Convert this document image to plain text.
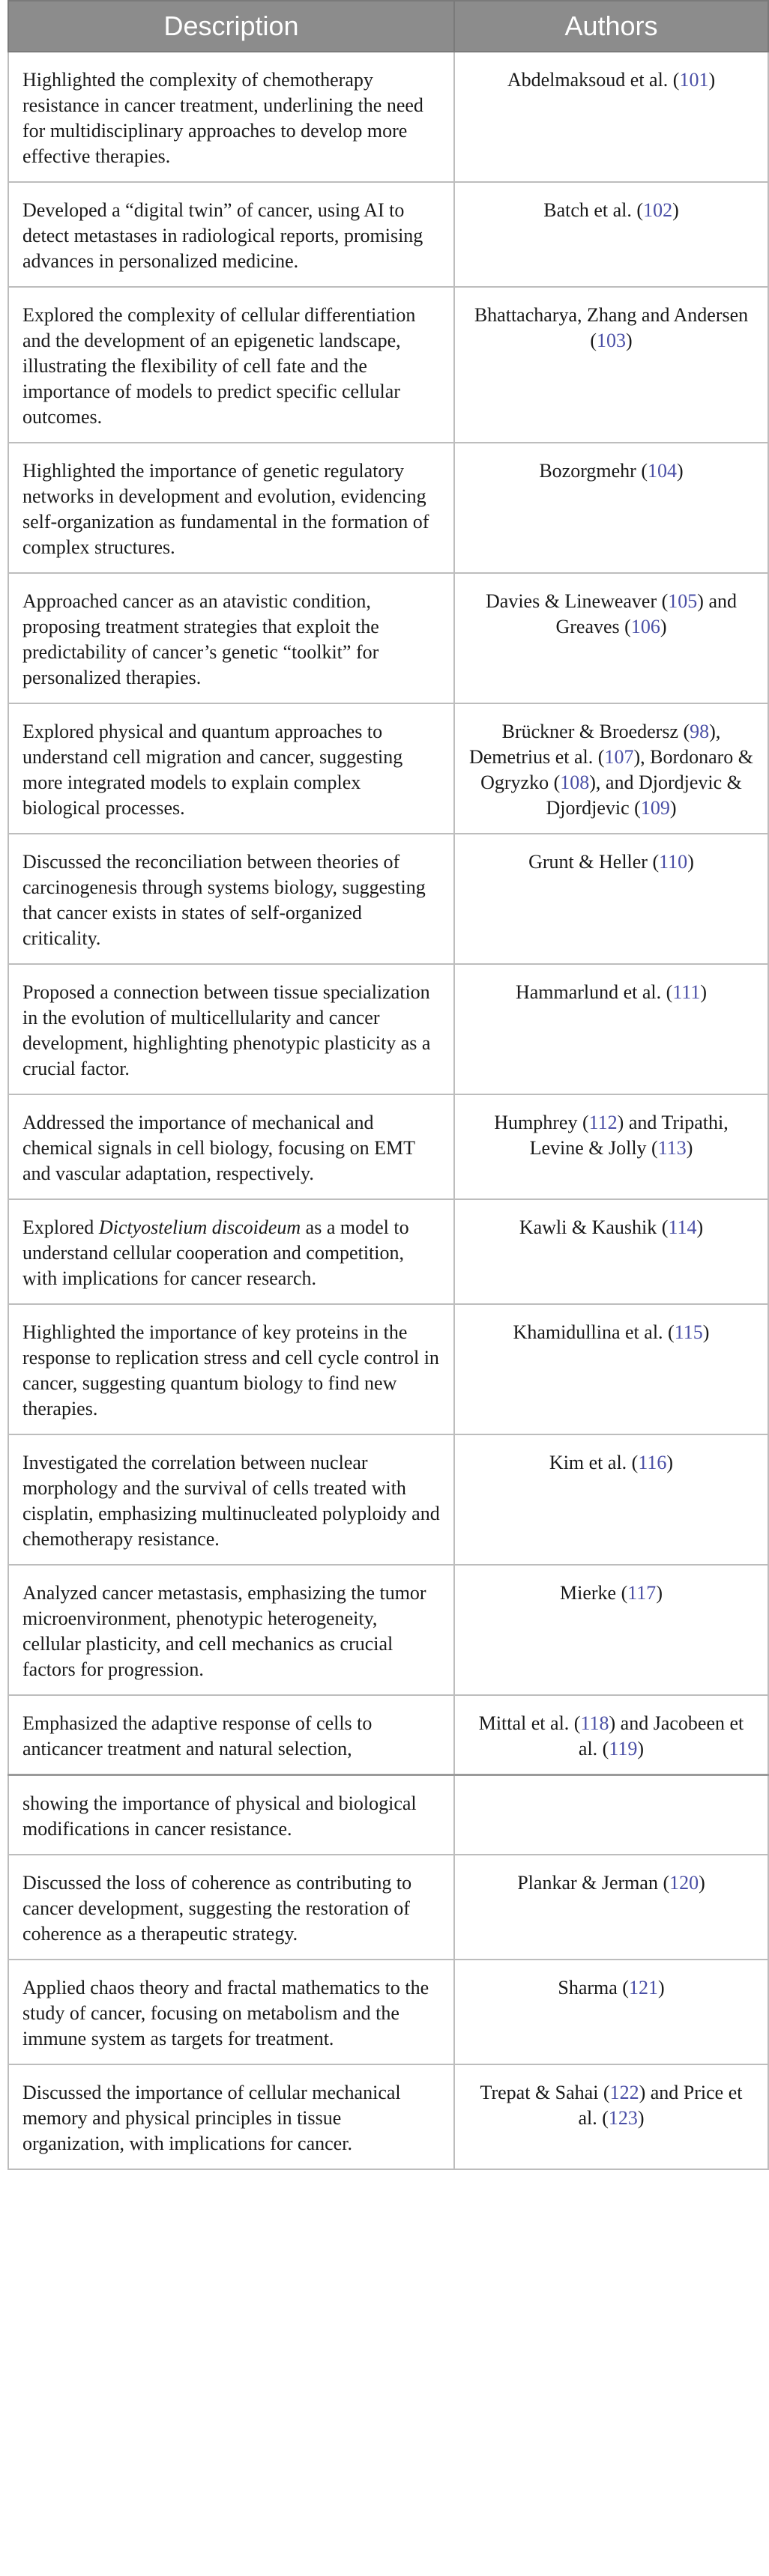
Description	Authors
Highlighted the complexity of chemotherapy resistance in cancer treatment, underlining the need for multidisciplinary approaches to develop more effective therapies.	Abdelmaksoud et al. (101)
Developed a “digital twin” of cancer, using AI to detect metastases in radiological reports, promising advances in personalized medicine.	Batch et al. (102)
Explored the complexity of cellular differentiation and the development of an epigenetic landscape, illustrating the flexibility of cell fate and the importance of models to predict specific cellular outcomes.	Bhattacharya, Zhang and Andersen (103)
Highlighted the importance of genetic regulatory networks in development and evolution, evidencing self-organization as fundamental in the formation of complex structures.	Bozorgmehr (104)
Approached cancer as an atavistic condition, proposing treatment strategies that exploit the predictability of cancer’s genetic “toolkit” for personalized therapies.	Davies & Lineweaver (105) and Greaves (106)
Explored physical and quantum approaches to understand cell migration and cancer, suggesting more integrated models to explain complex biological processes.	Brückner & Broedersz (98), Demetrius et al. (107), Bordonaro & Ogryzko (108), and Djordjevic & Djordjevic (109)
Discussed the reconciliation between theories of carcinogenesis through systems biology, suggesting that cancer exists in states of self-organized criticality.	Grunt & Heller (110)
Proposed a connection between tissue specialization in the evolution of multicellularity and cancer development, highlighting phenotypic plasticity as a crucial factor.	Hammarlund et al. (111)
Addressed the importance of mechanical and chemical signals in cell biology, focusing on EMT and vascular adaptation, respectively.	Humphrey (112) and Tripathi, Levine & Jolly (113)
Explored Dictyostelium discoideum as a model to understand cellular cooperation and competition, with implications for cancer research.	Kawli & Kaushik (114)
Highlighted the importance of key proteins in the response to replication stress and cell cycle control in cancer, suggesting quantum biology to find new therapies.	Khamidullina et al. (115)
Investigated the correlation between nuclear morphology and the survival of cells treated with cisplatin, emphasizing multinucleated polyploidy and chemotherapy resistance.	Kim et al. (116)
Analyzed cancer metastasis, emphasizing the tumor microenvironment, phenotypic heterogeneity, cellular plasticity, and cell mechanics as crucial factors for progression.	Mierke (117)
Emphasized the adaptive response of cells to anticancer treatment and natural selection,	Mittal et al. (118) and Jacobeen et al. (119)
showing the importance of physical and biological modifications in cancer resistance.	
Discussed the loss of coherence as contributing to cancer development, suggesting the restoration of coherence as a therapeutic strategy.	Plankar & Jerman (120)
Applied chaos theory and fractal mathematics to the study of cancer, focusing on metabolism and the immune system as targets for treatment.	Sharma (121)
Discussed the importance of cellular mechanical memory and physical principles in tissue organization, with implications for cancer.	Trepat & Sahai (122) and Price et al. (123)
